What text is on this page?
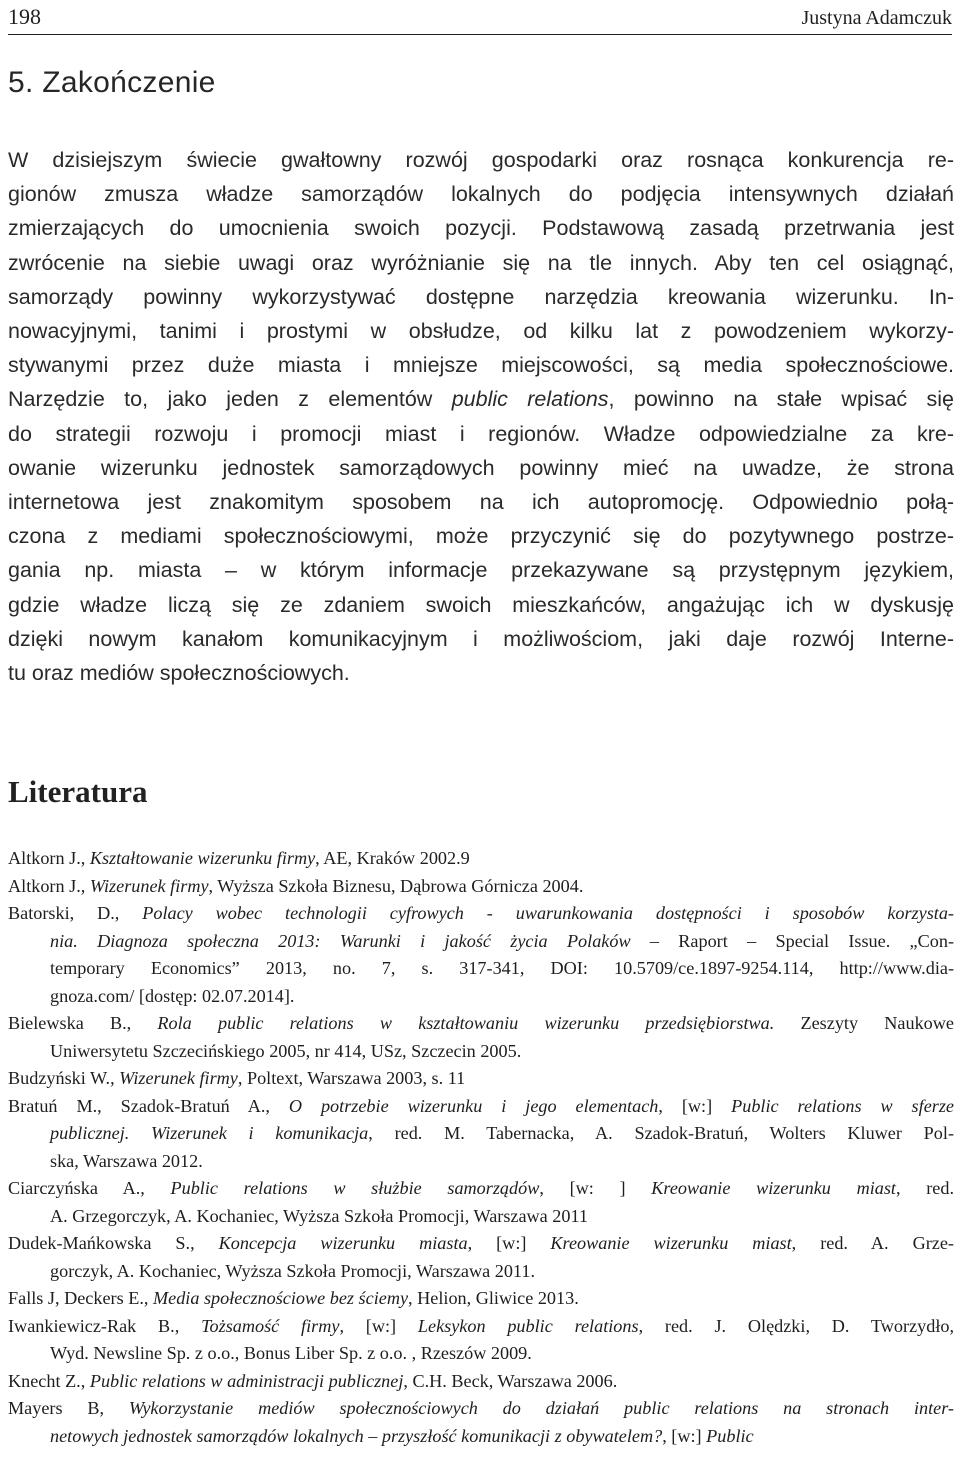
198	Justyna Adamczuk
5. Zakończenie

W dzisiejszym świecie gwałtowny rozwój gospodarki oraz rosnąca konkurencja re-
gionów zmusza władze samorządów lokalnych do podjęcia intensywnych działań
zmierzających do umocnienia swoich pozycji. Podstawową zasadą przetrwania jest
zwrócenie na siebie uwagi oraz wyróżnianie się na tle innych. Aby ten cel osiągnąć,
samorządy powinny wykorzystywać dostępne narzędzia kreowania wizerunku. In-
nowacyjnymi, tanimi i prostymi w obsłudze, od kilku lat z powodzeniem wykorzy-
stywanymi przez duże miasta i mniejsze miejscowości, są media społecznościowe.
Narzędzie to, jako jeden z elementów public relations, powinno na stałe wpisać się
do strategii rozwoju i promocji miast i regionów. Władze odpowiedzialne za kre-
owanie wizerunku jednostek samorządowych powinny mieć na uwadze, że strona
internetowa jest znakomitym sposobem na ich autopromocję. Odpowiednio połą-
czona z mediami społecznościowymi, może przyczynić się do pozytywnego postrze-
gania np. miasta – w którym informacje przekazywane są przystępnym językiem,
gdzie władze liczą się ze zdaniem swoich mieszkańców, angażując ich w dyskusję
dzięki nowym kanałom komunikacyjnym i możliwościom, jaki daje rozwój Interne-
tu oraz mediów społecznościowych.

Literatura
Altkorn J., Kształtowanie wizerunku firmy, AE, Kraków 2002.9
Altkorn J., Wizerunek firmy, Wyższa Szkoła Biznesu, Dąbrowa Górnicza 2004.
Batorski, D., Polacy wobec technologii cyfrowych - uwarunkowania dostępności i sposobów korzysta-
nia. Diagnoza społeczna 2013: Warunki i jakość życia Polaków – Raport – Special Issue. „Con-
temporary Economics” 2013, no. 7, s. 317-341, DOI: 10.5709/ce.1897-9254.114, http://www.dia-
gnoza.com/ [dostęp: 02.07.2014].
Bielewska B., Rola public relations w kształtowaniu wizerunku przedsiębiorstwa. Zeszyty Naukowe
Uniwersytetu Szczecińskiego 2005, nr 414, USz, Szczecin 2005.
Budzyński W., Wizerunek firmy, Poltext, Warszawa 2003, s. 11
Bratuń M., Szadok-Bratuń A., O potrzebie wizerunku i jego elementach, [w:] Public relations w sferze
publicznej. Wizerunek i komunikacja, red. M. Tabernacka, A. Szadok-Bratuń, Wolters Kluwer Pol-
ska, Warszawa 2012.
Ciarczyńska A., Public relations w służbie samorządów, [w: ] Kreowanie wizerunku miast, red.
A. Grzegorczyk, A. Kochaniec, Wyższa Szkoła Promocji, Warszawa 2011
Dudek-Mańkowska S., Koncepcja wizerunku miasta, [w:] Kreowanie wizerunku miast, red. A. Grze-
gorczyk, A. Kochaniec, Wyższa Szkoła Promocji, Warszawa 2011.
Falls J, Deckers E., Media społecznościowe bez ściemy, Helion, Gliwice 2013.
Iwankiewicz-Rak B., Tożsamość firmy, [w:] Leksykon public relations, red. J. Olędzki, D. Tworzydło,
Wyd. Newsline Sp. z o.o., Bonus Liber Sp. z o.o. , Rzeszów 2009.
Knecht Z., Public relations w administracji publicznej, C.H. Beck, Warszawa 2006.
Mayers B, Wykorzystanie mediów społecznościowych do działań public relations na stronach inter-
netowych jednostek samorządów lokalnych – przyszłość komunikacji z obywatelem?, [w:] Public
